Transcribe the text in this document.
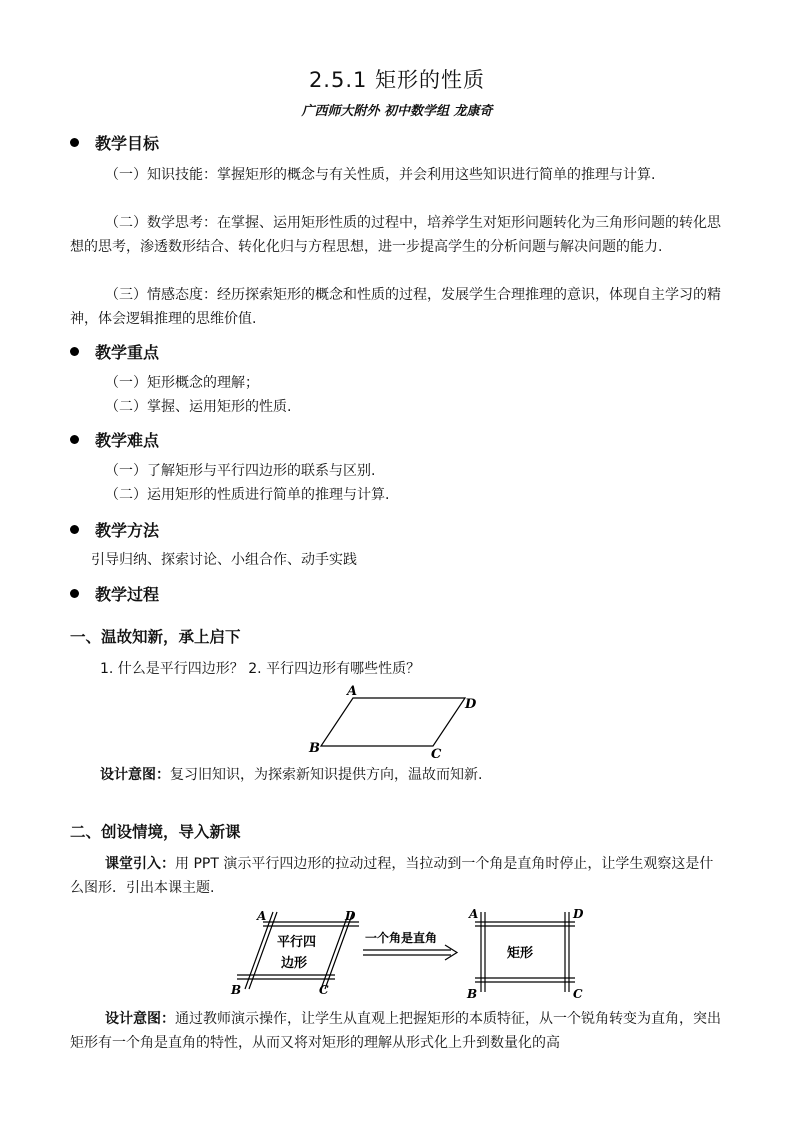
2.5.1 矩形的性质
广西师大附外 初中数学组 龙康奇
教学目标
（一）知识技能：掌握矩形的概念与有关性质，并会利用这些知识进行简单的推理与计算.
（二）数学思考：在掌握、运用矩形性质的过程中，培养学生对矩形问题转化为三角形问题的转化思想的思考，渗透数形结合、转化化归与方程思想，进一步提高学生的分析问题与解决问题的能力.
（三）情感态度：经历探索矩形的概念和性质的过程，发展学生合理推理的意识，体现自主学习的精神，体会逻辑推理的思维价值.
教学重点
（一）矩形概念的理解；
（二）掌握、运用矩形的性质.
教学难点
（一）了解矩形与平行四边形的联系与区别.
（二）运用矩形的性质进行简单的推理与计算.
教学方法
引导归纳、探索讨论、小组合作、动手实践
教学过程
一、温故知新，承上启下
1. 什么是平行四边形？ 2. 平行四边形有哪些性质？
A
D
B	C
设计意图：复习旧知识，为探索新知识提供方向，温故而知新.
二、创设情境，导入新课
课堂引入：用 PPT 演示平行四边形的拉动过程，当拉动到一个角是直角时停止，让学生观察这是什么图形．引出本课主题.
A	D
B	C
平行四
边形
一个角是直角
A	D
B	C
矩形
设计意图：通过教师演示操作，让学生从直观上把握矩形的本质特征，从一个锐角转变为直角，突出矩形有一个角是直角的特性，从而又将对矩形的理解从形式化上升到数量化的高
